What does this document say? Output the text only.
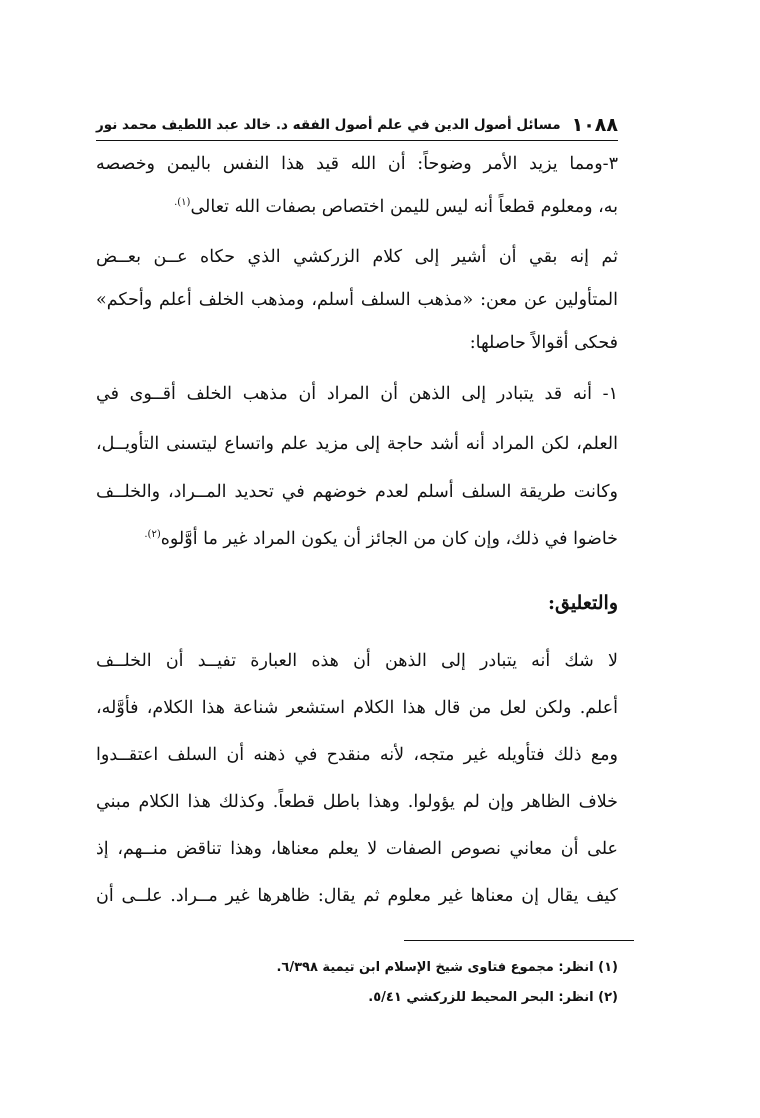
١٠٨٨
مسائل أصول الدين في علم أصول الفقه د. خالد عبد اللطيف محمد نور
٣-ومما يزيد الأمر وضوحاً: أن الله قيد هذا النفس باليمن وخصصه
به، ومعلوم قطعاً أنه ليس لليمن اختصاص بصفات الله تعالى$^{(١).}$
ثم إنه بقي أن أشير إلى كلام الزركشي الذي حكاه عــن بعــض
المتأولين عن معن: «مذهب السلف أسلم، ومذهب الخلف أعلم وأحكم»
فحكى أقوالاً حاصلها:
١- أنه قد يتبادر إلى الذهن أن المراد أن مذهب الخلف أقــوى في
العلم، لكن المراد أنه أشد حاجة إلى مزيد علم واتساع ليتسنى التأويــل،
وكانت طريقة السلف أسلم لعدم خوضهم في تحديد المــراد، والخلــف
خاضوا في ذلك، وإن كان من الجائز أن يكون المراد غير ما أوَّلوه$^{(٢).}$
والتعليق:
لا شك أنه يتبادر إلى الذهن أن هذه العبارة تفيــد أن الخلــف
أعلم. ولكن لعل من قال هذا الكلام استشعر شناعة هذا الكلام، فأوَّله،
ومع ذلك فتأويله غير متجه، لأنه منقدح في ذهنه أن السلف اعتقــدوا
خلاف الظاهر وإن لم يؤولوا. وهذا باطل قطعاً. وكذلك هذا الكلام مبني
على أن معاني نصوص الصفات لا يعلم معناها، وهذا تناقض منــهم، إذ
كيف يقال إن معناها غير معلوم ثم يقال: ظاهرها غير مــراد. علــى أن
(١) انظر: مجموع فتاوى شيخ الإسلام ابن تيمية ٦/٣٩٨.
(٢) انظر: البحر المحيط للزركشي ٥/٤١.
